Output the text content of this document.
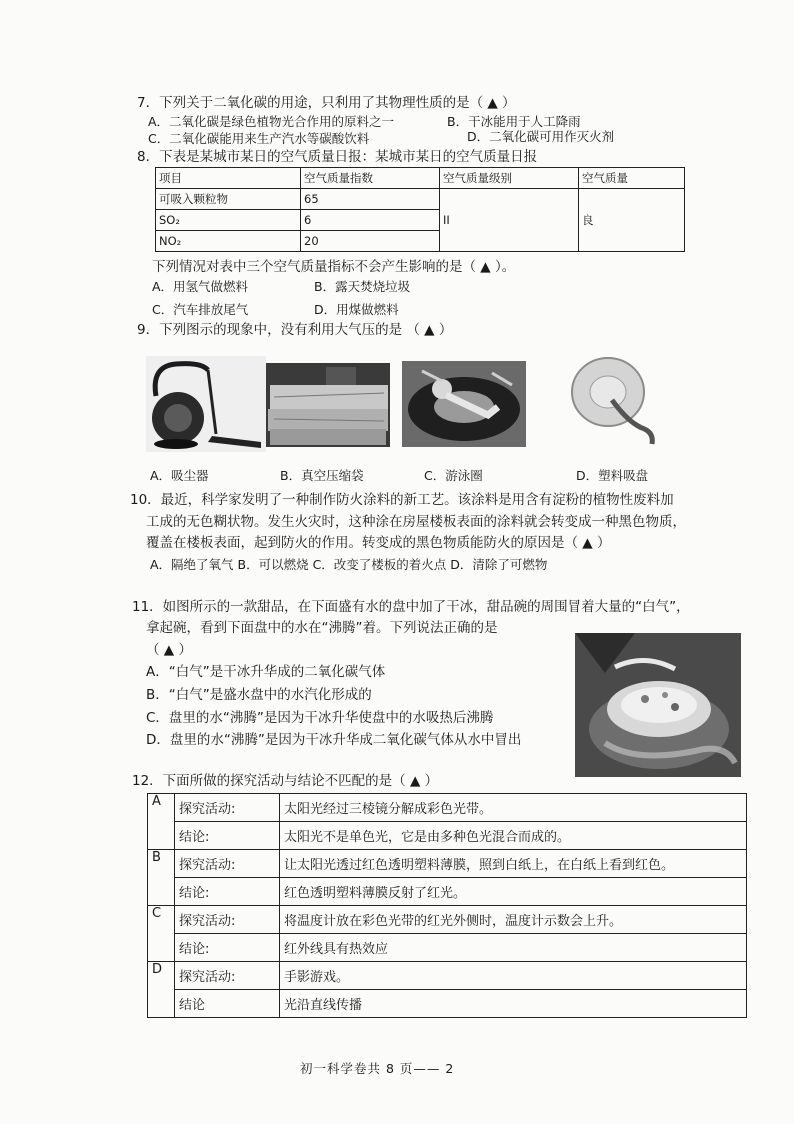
7．下列关于二氧化碳的用途，只利用了其物理性质的是（ ▲ ）
A．二氧化碳是绿色植物光合作用的原料之一	B．干冰能用于人工降雨
C．二氧化碳能用来生产汽水等碳酸饮料	D．二氧化碳可用作灭火剂
8．下表是某城市某日的空气质量日报：某城市某日的空气质量日报
项目	空气质量指数	空气质量级别	空气质量
可吸入颗粒物	65	II	良
SO₂	6		
NO₂	20		
下列情况对表中三个空气质量指标不会产生影响的是（ ▲ ）。
A．用氢气做燃料	B．露天焚烧垃圾
C．汽车排放尾气	D．用煤做燃料
9．下列图示的现象中，没有利用大气压的是 （ ▲ ）
A．吸尘器	B．真空压缩袋	C．游泳圈	D．塑料吸盘
10．最近，科学家发明了一种制作防火涂料的新工艺。该涂料是用含有淀粉的植物性废料加
工成的无色糊状物。发生火灾时，这种涂在房屋楼板表面的涂料就会转变成一种黑色物质，
覆盖在楼板表面，起到防火的作用。转变成的黑色物质能防火的原因是（ ▲ ）
A．隔绝了氧气 B．可以燃烧 C．改变了楼板的着火点 D．清除了可燃物
11．如图所示的一款甜品，在下面盛有水的盘中加了干冰，甜品碗的周围冒着大量的“白气”，
拿起碗，看到下面盘中的水在“沸腾”着。下列说法正确的是
（ ▲ ）
A．“白气”是干冰升华成的二氧化碳气体
B．“白气”是盛水盘中的水汽化形成的
C．盘里的水“沸腾”是因为干冰升华使盘中的水吸热后沸腾
D．盘里的水“沸腾”是因为干冰升华成二氧化碳气体从水中冒出
12．下面所做的探究活动与结论不匹配的是（ ▲ ）
A	探究活动:	太阳光经过三棱镜分解成彩色光带。
	结论:	太阳光不是单色光，它是由多种色光混合而成的。
B	探究活动:	让太阳光透过红色透明塑料薄膜，照到白纸上，在白纸上看到红色。
	结论:	红色透明塑料薄膜反射了红光。
C	探究活动:	将温度计放在彩色光带的红光外侧时，温度计示数会上升。
	结论:	红外线具有热效应
D	探究活动:	手影游戏。
	结论	光沿直线传播
初一科学卷共 8 页—— 2
